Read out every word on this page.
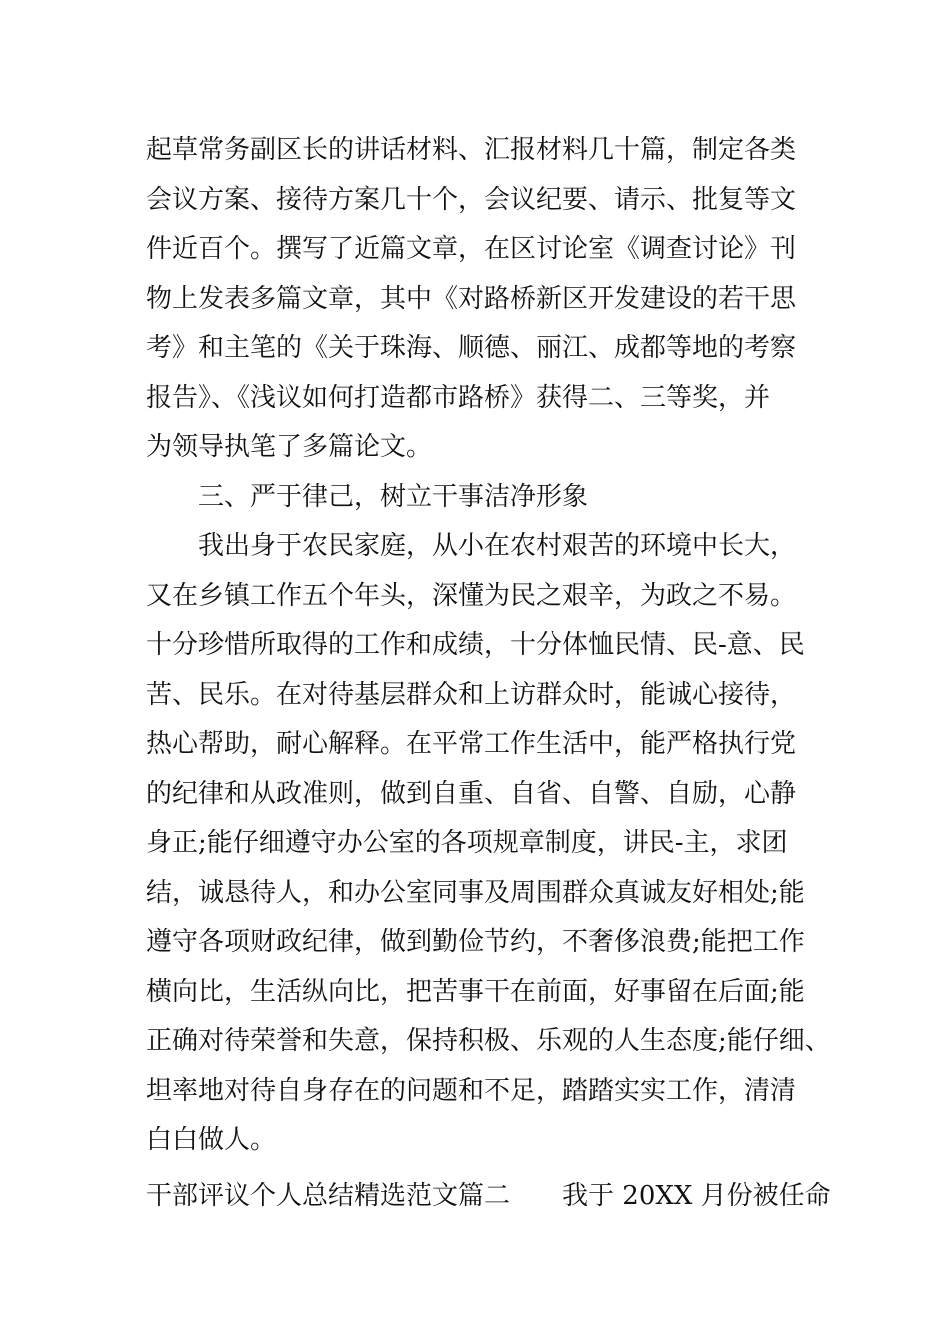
起草常务副区长的讲话材料、汇报材料几十篇，制定各类
会议方案、接待方案几十个，会议纪要、请示、批复等文
件近百个。撰写了近篇文章，在区讨论室《调查讨论》刊
物上发表多篇文章，其中《对路桥新区开发建设的若干思
考》和主笔的《关于珠海、顺德、丽江、成都等地的考察
报告》、《浅议如何打造都市路桥》获得二、三等奖，并
为领导执笔了多篇论文。
三、严于律己，树立干事洁净形象
我出身于农民家庭，从小在农村艰苦的环境中长大，
又在乡镇工作五个年头，深懂为民之艰辛，为政之不易。
十分珍惜所取得的工作和成绩，十分体恤民情、民-意、民
苦、民乐。在对待基层群众和上访群众时，能诚心接待，
热心帮助，耐心解释。在平常工作生活中，能严格执行党
的纪律和从政准则，做到自重、自省、自警、自励，心静
身正;能仔细遵守办公室的各项规章制度，讲民-主，求团
结，诚恳待人，和办公室同事及周围群众真诚友好相处;能
遵守各项财政纪律，做到勤俭节约，不奢侈浪费;能把工作
横向比，生活纵向比，把苦事干在前面，好事留在后面;能
正确对待荣誉和失意，保持积极、乐观的人生态度;能仔细、
坦率地对待自身存在的问题和不足，踏踏实实工作，清清
白白做人。
干部评议个人总结精选范文篇二 我于 20XX 月份被任命
